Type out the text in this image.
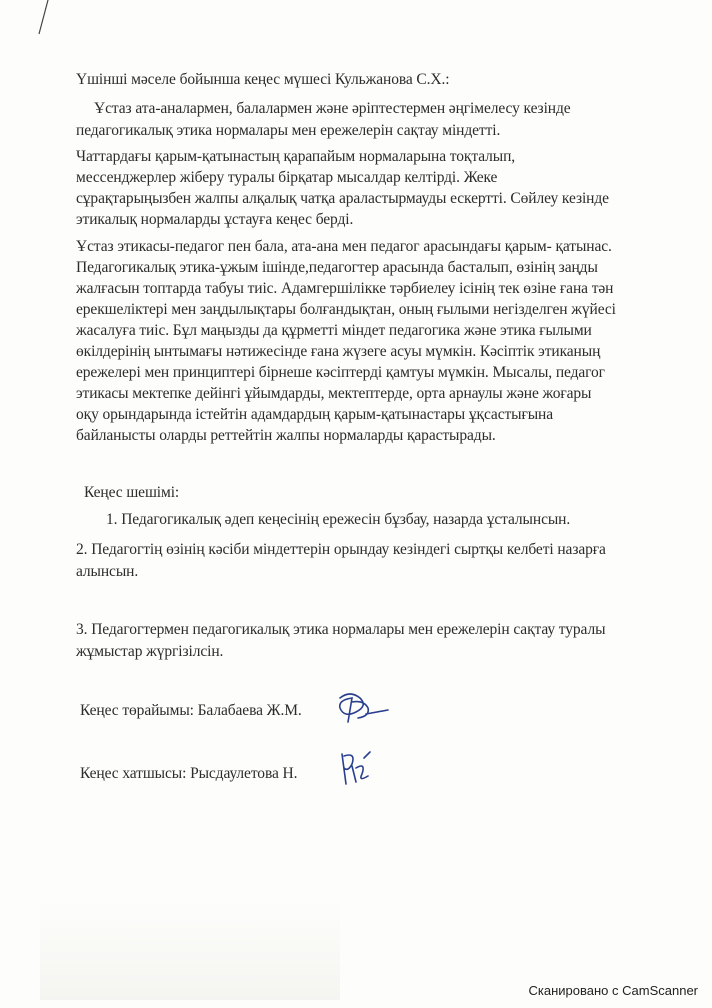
Үшінші мәселе бойынша кеңес мүшесі Кульжанова С.Х.:
Ұстаз ата-аналармен, балалармен және әріптестермен әңгімелесу кезінде
педагогикалық этика нормалары мен ережелерін сақтау міндетті.
Чаттардағы қарым-қатынастың қарапайым нормаларына тоқталып,
мессенджерлер жіберу туралы бірқатар мысалдар келтірді. Жеке
сұрақтарыңызбен жалпы алқалық чатқа араластырмауды ескертті. Сөйлеу кезінде
этикалық нормаларды ұстауға кеңес берді.
Ұстаз этикасы-педагог пен бала, ата-ана мен педагог арасындағы қарым- қатынас.
Педагогикалық этика-ұжым ішінде,педагогтер арасында басталып, өзінің заңды
жалғасын топтарда табуы тиіс. Адамгершілікке тәрбиелеу ісінің тек өзіне ғана тән
ерекшеліктері мен заңдылықтары болғандықтан, оның ғылыми негізделген жүйесі
жасалуға тиіс. Бұл маңызды да құрметті міндет педагогика және этика ғылыми
өкілдерінің ынтымағы нәтижесінде ғана жүзеге асуы мүмкін. Кәсіптік этиканың
ережелері мен принциптері бірнеше кәсіптерді қамтуы мүмкін. Мысалы, педагог
этикасы мектепке дейінгі ұйымдарды, мектептерде, орта арнаулы және жоғары
оқу орындарында істейтін адамдардың қарым-қатынастары ұқсастығына
байланысты оларды реттейтін жалпы нормаларды қарастырады.
Кеңес шешімі:
1. Педагогикалық әдеп кеңесінің ережесін бұзбау, назарда ұсталынсын.
2. Педагогтің өзінің кәсіби міндеттерін орындау кезіндегі сыртқы келбеті назарға
алынсын.
3. Педагогтермен педагогикалық этика нормалары мен ережелерін сақтау туралы
жұмыстар жүргізілсін.
Кеңес төрайымы: Балабаева Ж.М.
Кеңес хатшысы: Рысдаулетова Н.
Сканировано с CamScanner
